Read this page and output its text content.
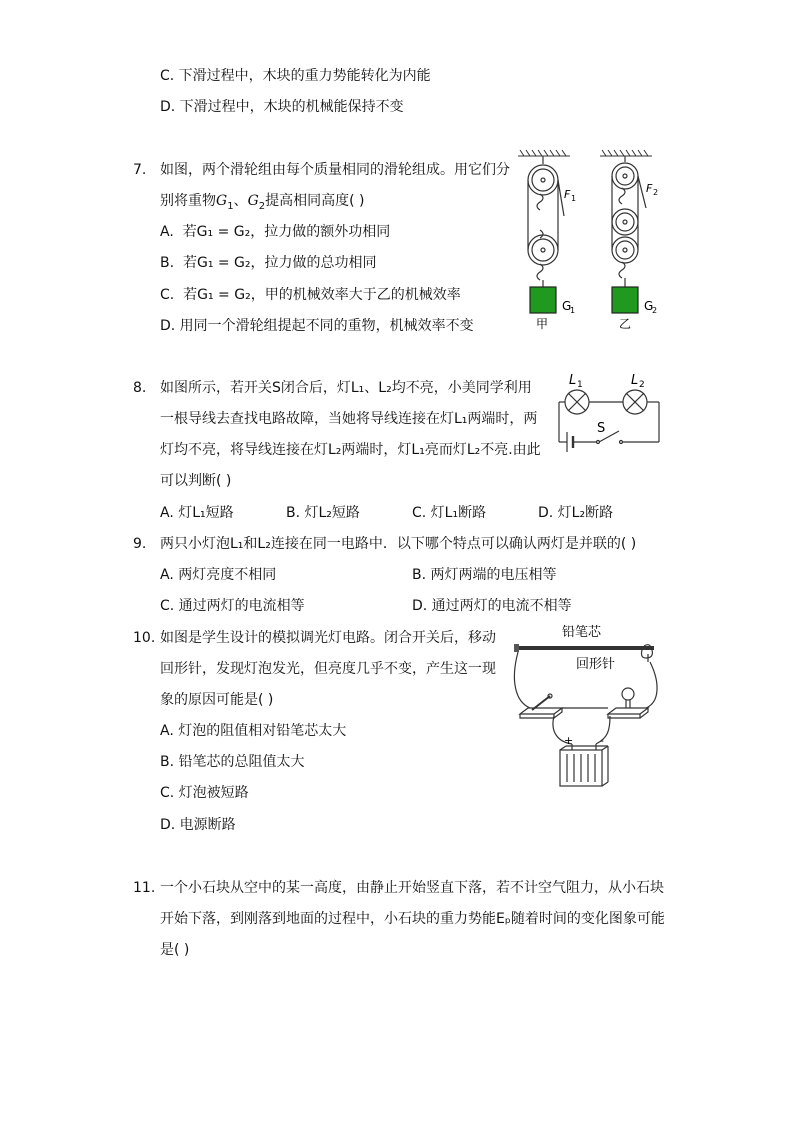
C. 下滑过程中，木块的重力势能转化为内能
D. 下滑过程中，木块的机械能保持不变
7. 如图，两个滑轮组由每个质量相同的滑轮组成。用它们分
别将重物$G_1$、$G_2$提高相同高度( )
A. 若G₁ = G₂，拉力做的额外功相同
B. 若G₁ = G₂，拉力做的总功相同
C. 若G₁ = G₂，甲的机械效率大于乙的机械效率
D. 用同一个滑轮组提起不同的重物，机械效率不变
F 1
G
1
甲
F 2
G
2
乙
8. 如图所示，若开关S闭合后，灯L₁、L₂均不亮，小美同学利用
一根导线去查找电路故障，当她将导线连接在灯L₁两端时，两
灯均不亮，将导线连接在灯L₂两端时，灯L₁亮而灯L₂不亮.由此
可以判断( )
A. 灯L₁短路	B. 灯L₂短路	C. 灯L₁断路	D. 灯L₂断路
L 1	L 2
S
9. 两只小灯泡L₁和L₂连接在同一电路中．以下哪个特点可以确认两灯是并联的( )
A. 两灯亮度不相同	B. 两灯两端的电压相等
C. 通过两灯的电流相等	D. 通过两灯的电流不相等
10. 如图是学生设计的模拟调光灯电路。闭合开关后，移动
回形针，发现灯泡发光，但亮度几乎不变，产生这一现
象的原因可能是( )
A. 灯泡的阻值相对铅笔芯太大
B. 铅笔芯的总阻值太大
C. 灯泡被短路
D. 电源断路
铅笔芯
回形针
+ -
11. 一个小石块从空中的某一高度，由静止开始竖直下落，若不计空气阻力，从小石块
开始下落，到刚落到地面的过程中，小石块的重力势能Eₚ随着时间的变化图象可能
是( )
